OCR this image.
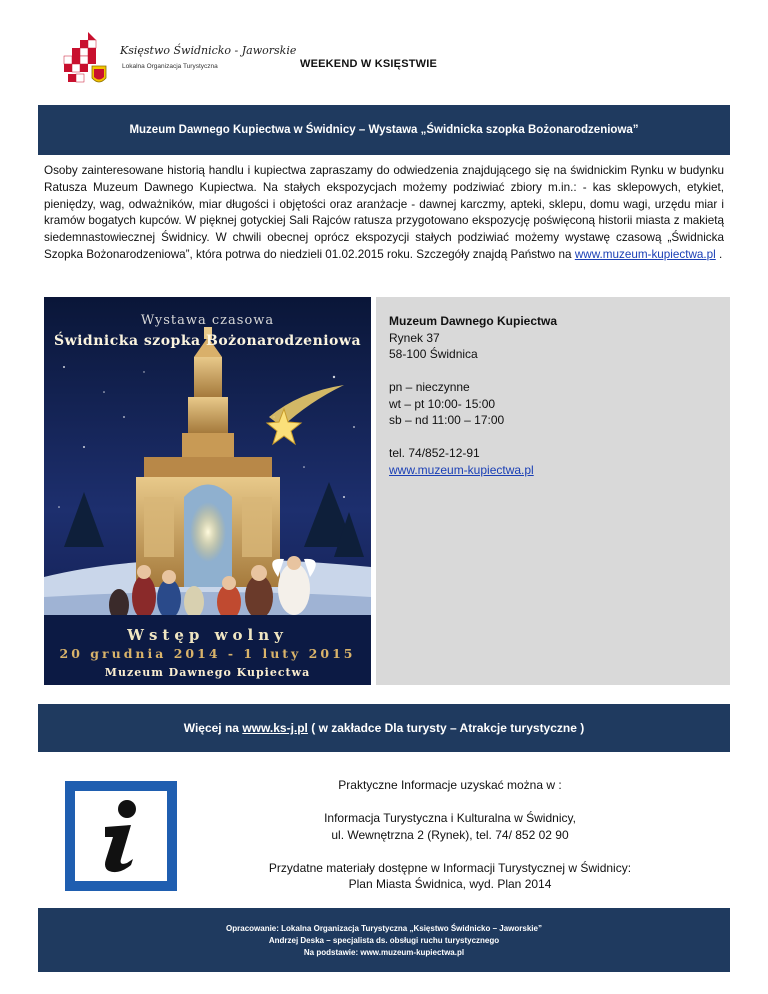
Księstwo Świdnicko - Jaworskie
Lokalna Organizacja Turystyczna	WEEKEND W KSIĘSTWIE
Muzeum Dawnego Kupiectwa w Świdnicy – Wystawa „Świdnicka szopka Bożonarodzeniowa”
Osoby zainteresowane historią handlu i kupiectwa zapraszamy do odwiedzenia znajdującego się na świdnickim Rynku w budynku Ratusza Muzeum Dawnego Kupiectwa. Na stałych ekspozycjach możemy podziwiać zbiory m.in.: - kas sklepowych, etykiet, pieniędzy, wag, odważników, miar długości i objętości oraz aranżacje - dawnej karczmy, apteki, sklepu, domu wagi, urzędu miar i kramów bogatych kupców. W pięknej gotyckiej Sali Rajców ratusza przygotowano ekspozycję poświęconą historii miasta z makietą siedemnastowiecznej Świdnicy. W chwili obecnej oprócz ekspozycji stałych podziwiać możemy wystawę czasową „Świdnicka Szopka Bożonarodzeniowa”, która potrwa do niedzieli 01.02.2015 roku. Szczegóły znajdą Państwo na www.muzeum-kupiectwa.pl .
Wystawa czasowa
Świdnicka szopka Bożonarodzeniowa
Wstęp wolny
20 grudnia 2014 - 1 luty 2015
Muzeum Dawnego Kupiectwa
Muzeum Dawnego Kupiectwa
Rynek 37
58-100 Świdnica
pn – nieczynne
wt – pt 10:00- 15:00
sb – nd 11:00 – 17:00
tel. 74/852-12-91
www.muzeum-kupiectwa.pl
Więcej na www.ks-j.pl ( w zakładce Dla turysty – Atrakcje turystyczne )
Praktyczne Informacje uzyskać można w :
Informacja Turystyczna i Kulturalna w Świdnicy,
ul. Wewnętrzna 2 (Rynek), tel. 74/ 852 02 90
Przydatne materiały dostępne w Informacji Turystycznej w Świdnicy:
Plan Miasta Świdnica, wyd. Plan 2014
Opracowanie: Lokalna Organizacja Turystyczna „Księstwo Świdnicko – Jaworskie”
Andrzej Deska – specjalista ds. obsługi ruchu turystycznego
Na podstawie: www.muzeum-kupiectwa.pl
